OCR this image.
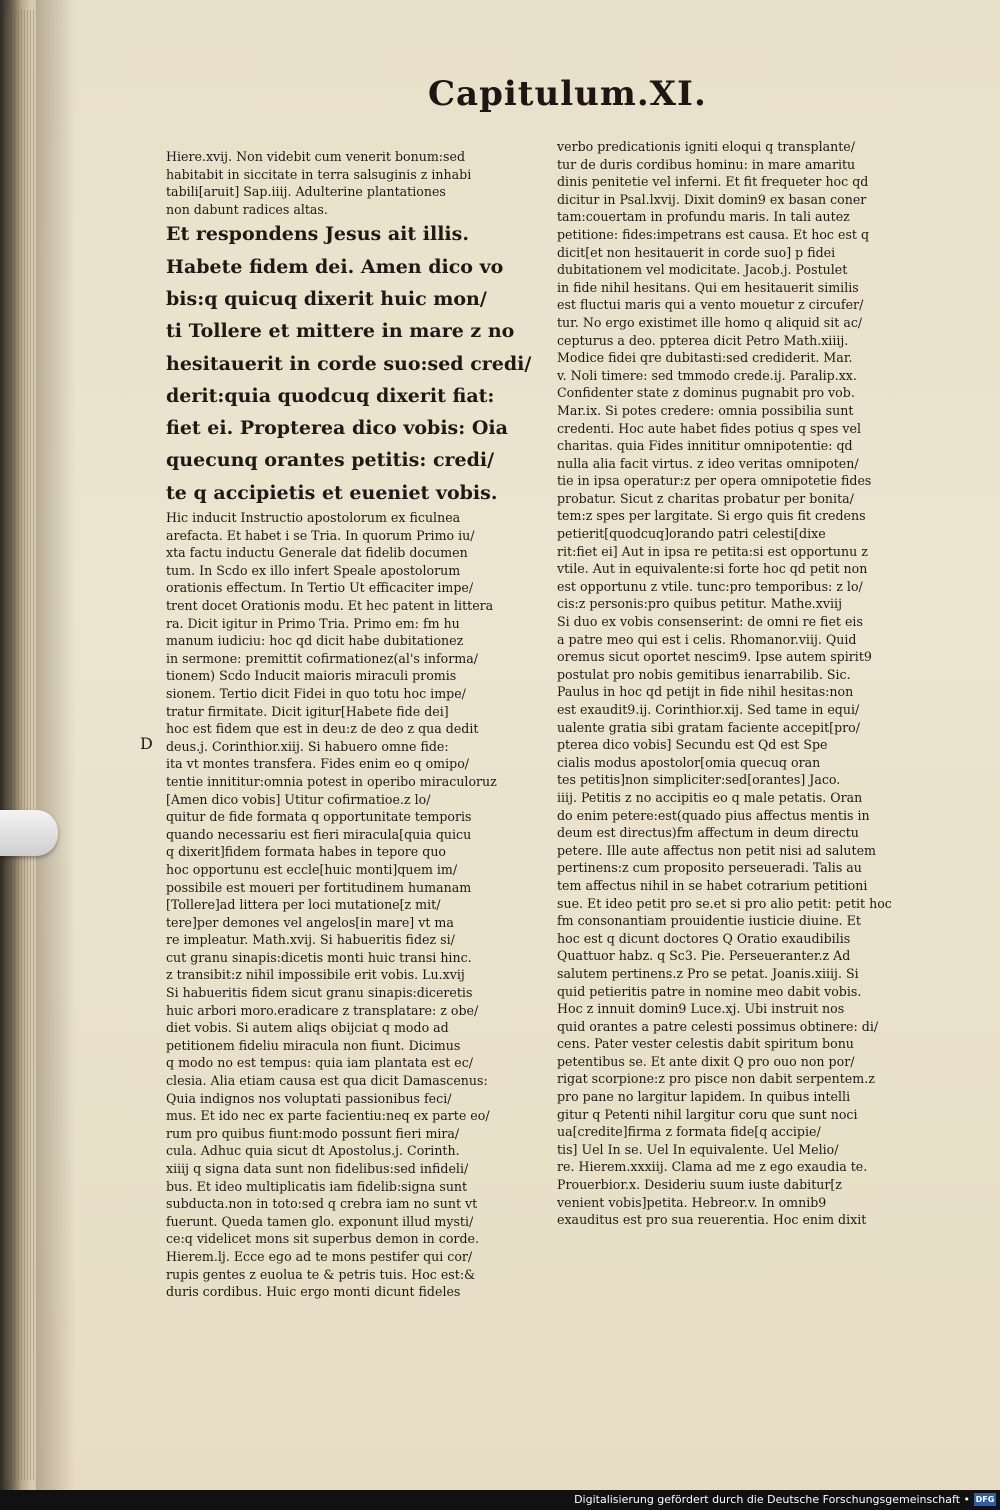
Capitulum.XI.
D
Hiere.xvij. Non videbit cum venerit bonum:sed
habitabit in siccitate in terra salsuginis z inhabi
tabili[aruit] Sap.iiij. Adulterine plantationes
non dabunt radices altas.
Et respondens Jesus ait illis.
Habete fidem dei. Amen dico vo
bis:q quicuq dixerit huic mon/
ti Tollere et mittere in mare z no
hesitauerit in corde suo:sed credi/
derit:quia quodcuq dixerit fiat:
fiet ei. Propterea dico vobis: Oia
quecunq orantes petitis: credi/
te q accipietis et eueniet vobis.
Hic inducit Instructio apostolorum ex ficulnea
arefacta. Et habet i se Tria. In quorum Primo iu/
xta factu inductu Generale dat fidelib documen
tum. In Scdo ex illo infert Speale apostolorum
orationis effectum. In Tertio Ut efficaciter impe/
trent docet Orationis modu. Et hec patent in littera
ra. Dicit igitur in Primo Tria. Primo em: fm hu
manum iudiciu: hoc qd dicit habe dubitationez
in sermone: premittit cofirmationez(al's informa/
tionem) Scdo Inducit maioris miraculi promis
sionem. Tertio dicit Fidei in quo totu hoc impe/
tratur firmitate. Dicit igitur[Habete fide dei]
hoc est fidem que est in deu:z de deo z qua dedit
deus.j. Corinthior.xiij. Si habuero omne fide:
ita vt montes transfera. Fides enim eo q omipo/
tentie innititur:omnia potest in operibo miraculoruz
[Amen dico vobis] Utitur cofirmatioe.z lo/
quitur de fide formata q opportunitate temporis
quando necessariu est fieri miracula[quia quicu
q dixerit]fidem formata habes in tepore quo
hoc opportunu est eccle[huic monti]quem im/
possibile est moueri per fortitudinem humanam
[Tollere]ad littera per loci mutatione[z mit/
tere]per demones vel angelos[in mare] vt ma
re impleatur. Math.xvij. Si habueritis fidez si/
cut granu sinapis:dicetis monti huic transi hinc.
z transibit:z nihil impossibile erit vobis. Lu.xvij
Si habueritis fidem sicut granu sinapis:diceretis
huic arbori moro.eradicare z transplatare: z obe/
diet vobis. Si autem aliqs obijciat q modo ad
petitionem fideliu miracula non fiunt. Dicimus
q modo no est tempus: quia iam plantata est ec/
clesia. Alia etiam causa est qua dicit Damascenus:
Quia indignos nos voluptati passionibus feci/
mus. Et ido nec ex parte facientiu:neq ex parte eo/
rum pro quibus fiunt:modo possunt fieri mira/
cula. Adhuc quia sicut dt Apostolus.j. Corinth.
xiiij q signa data sunt non fidelibus:sed infideli/
bus. Et ideo multiplicatis iam fidelib:signa sunt
subducta.non in toto:sed q crebra iam no sunt vt
fuerunt. Queda tamen glo. exponunt illud mysti/
ce:q videlicet mons sit superbus demon in corde.
Hierem.lj. Ecce ego ad te mons pestifer qui cor/
rupis gentes z euolua te & petris tuis. Hoc est:&
duris cordibus. Huic ergo monti dicunt fideles
verbo predicationis igniti eloqui q transplante/
tur de duris cordibus hominu: in mare amaritu
dinis penitetie vel inferni. Et fit frequeter hoc qd
dicitur in Psal.lxvij. Dixit domin9 ex basan coner
tam:couertam in profundu maris. In tali autez
petitione: fides:impetrans est causa. Et hoc est q
dicit[et non hesitauerit in corde suo] p fidei
dubitationem vel modicitate. Jacob.j. Postulet
in fide nihil hesitans. Qui em hesitauerit similis
est fluctui maris qui a vento mouetur z circufer/
tur. No ergo existimet ille homo q aliquid sit ac/
cepturus a deo. ppterea dicit Petro Math.xiiij.
Modice fidei qre dubitasti:sed crediderit. Mar.
v. Noli timere: sed tmmodo crede.ij. Paralip.xx.
Confidenter state z dominus pugnabit pro vob.
Mar.ix. Si potes credere: omnia possibilia sunt
credenti. Hoc aute habet fides potius q spes vel
charitas. quia Fides innititur omnipotentie: qd
nulla alia facit virtus. z ideo veritas omnipoten/
tie in ipsa operatur:z per opera omnipotetie fides
probatur. Sicut z charitas probatur per bonita/
tem:z spes per largitate. Si ergo quis fit credens
petierit[quodcuq]orando patri celesti[dixe
rit:fiet ei] Aut in ipsa re petita:si est opportunu z
vtile. Aut in equivalente:si forte hoc qd petit non
est opportunu z vtile. tunc:pro temporibus: z lo/
cis:z personis:pro quibus petitur. Mathe.xviij
Si duo ex vobis consenserint: de omni re fiet eis
a patre meo qui est i celis. Rhomanor.viij. Quid
oremus sicut oportet nescim9. Ipse autem spirit9
postulat pro nobis gemitibus ienarrabilib. Sic.
Paulus in hoc qd petijt in fide nihil hesitas:non
est exaudit9.ij. Corinthior.xij. Sed tame in equi/
ualente gratia sibi gratam faciente accepit[pro/
pterea dico vobis] Secundu est Qd est Spe
cialis modus apostolor[omia quecuq oran
tes petitis]non simpliciter:sed[orantes] Jaco.
iiij. Petitis z no accipitis eo q male petatis. Oran
do enim petere:est(quado pius affectus mentis in
deum est directus)fm affectum in deum directu
petere. Ille aute affectus non petit nisi ad salutem
pertinens:z cum proposito perseueradi. Talis au
tem affectus nihil in se habet cotrarium petitioni
sue. Et ideo petit pro se.et si pro alio petit: petit hoc
fm consonantiam prouidentie iusticie diuine. Et
hoc est q dicunt doctores Q Oratio exaudibilis
Quattuor habz. q Sc3. Pie. Perseueranter.z Ad
salutem pertinens.z Pro se petat. Joanis.xiiij. Si
quid petieritis patre in nomine meo dabit vobis.
Hoc z innuit domin9 Luce.xj. Ubi instruit nos
quid orantes a patre celesti possimus obtinere: di/
cens. Pater vester celestis dabit spiritum bonu
petentibus se. Et ante dixit Q pro ouo non por/
rigat scorpione:z pro pisce non dabit serpentem.z
pro pane no largitur lapidem. In quibus intelli
gitur q Petenti nihil largitur coru que sunt noci
ua[credite]firma z formata fide[q accipie/
tis] Uel In se. Uel In equivalente. Uel Melio/
re. Hierem.xxxiij. Clama ad me z ego exaudia te.
Prouerbior.x. Desideriu suum iuste dabitur[z
venient vobis]petita. Hebreor.v. In omnib9
exauditus est pro sua reuerentia. Hoc enim dixit
Digitalisierung gefördert durch die Deutsche Forschungsgemeinschaft • DFG
